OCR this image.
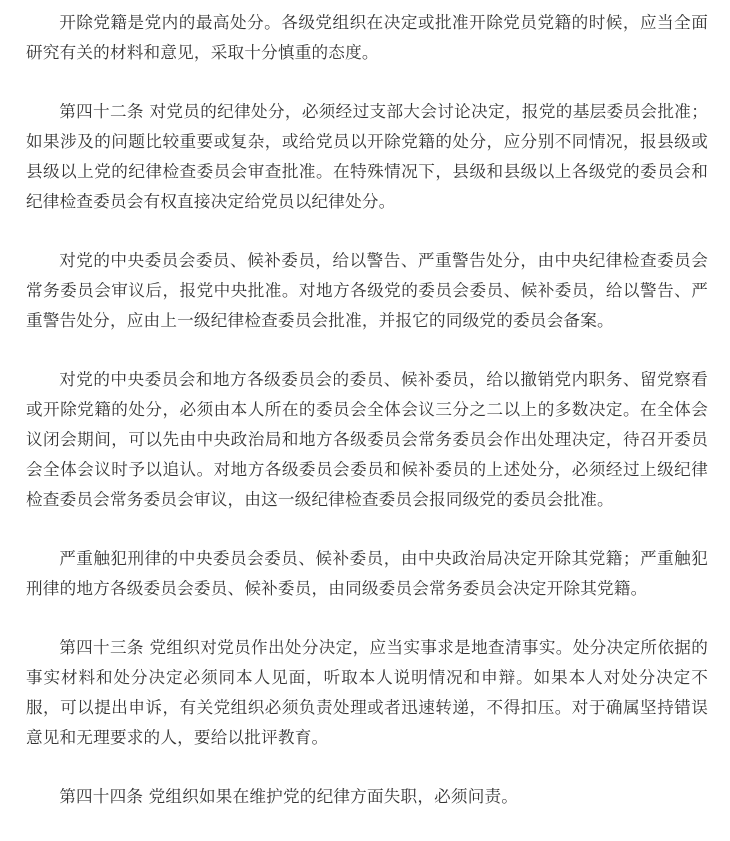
开除党籍是党内的最高处分。各级党组织在决定或批准开除党员党籍的时候，应当全面研究有关的材料和意见，采取十分慎重的态度。

第四十二条 对党员的纪律处分，必须经过支部大会讨论决定，报党的基层委员会批准；如果涉及的问题比较重要或复杂，或给党员以开除党籍的处分，应分别不同情况，报县级或县级以上党的纪律检查委员会审查批准。在特殊情况下，县级和县级以上各级党的委员会和纪律检查委员会有权直接决定给党员以纪律处分。

对党的中央委员会委员、候补委员，给以警告、严重警告处分，由中央纪律检查委员会常务委员会审议后，报党中央批准。对地方各级党的委员会委员、候补委员，给以警告、严重警告处分，应由上一级纪律检查委员会批准，并报它的同级党的委员会备案。

对党的中央委员会和地方各级委员会的委员、候补委员，给以撤销党内职务、留党察看或开除党籍的处分，必须由本人所在的委员会全体会议三分之二以上的多数决定。在全体会议闭会期间，可以先由中央政治局和地方各级委员会常务委员会作出处理决定，待召开委员会全体会议时予以追认。对地方各级委员会委员和候补委员的上述处分，必须经过上级纪律检查委员会常务委员会审议，由这一级纪律检查委员会报同级党的委员会批准。

严重触犯刑律的中央委员会委员、候补委员，由中央政治局决定开除其党籍；严重触犯刑律的地方各级委员会委员、候补委员，由同级委员会常务委员会决定开除其党籍。

第四十三条 党组织对党员作出处分决定，应当实事求是地查清事实。处分决定所依据的事实材料和处分决定必须同本人见面，听取本人说明情况和申辩。如果本人对处分决定不服，可以提出申诉，有关党组织必须负责处理或者迅速转递，不得扣压。对于确属坚持错误意见和无理要求的人，要给以批评教育。

第四十四条 党组织如果在维护党的纪律方面失职，必须问责。
